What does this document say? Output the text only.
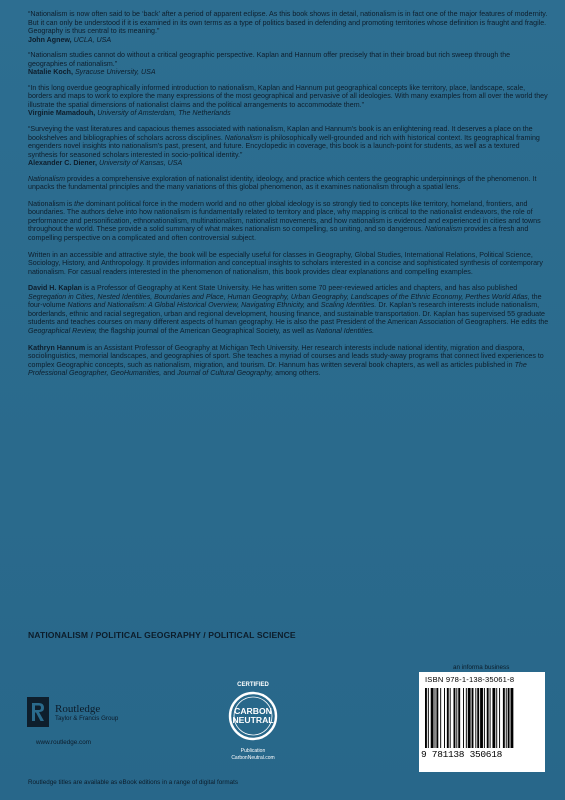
“Nationalism is now often said to be ‘back’ after a period of apparent eclipse. As this book shows in detail, nationalism is in fact one of the major features of modernity. But it can only be understood if it is examined in its own terms as a type of politics based in defending and promoting territories whose definition is fraught and fragile. Geography is thus central to its meaning.”
John Agnew, UCLA, USA
“Nationalism studies cannot do without a critical geographic perspective. Kaplan and Hannum offer precisely that in their broad but rich sweep through the geographies of nationalism.”
Natalie Koch, Syracuse University, USA
“In this long overdue geographically informed introduction to nationalism, Kaplan and Hannum put geographical concepts like territory, place, landscape, scale, borders and maps to work to explore the many expressions of the most geographical and pervasive of all ideologies. With many examples from all over the world they illustrate the spatial dimensions of nationalist claims and the political arrangements to accommodate them.”
Virginie Mamadouh, University of Amsterdam, The Netherlands
“Surveying the vast literatures and capacious themes associated with nationalism, Kaplan and Hannum’s book is an enlightening read. It deserves a place on the bookshelves and bibliographies of scholars across disciplines. Nationalism is philosophically well-grounded and rich with historical context. Its geographical framing engenders novel insights into nationalism’s past, present, and future. Encyclopedic in coverage, this book is a launch-point for students, as well as a textured synthesis for seasoned scholars interested in socio-political identity.”
Alexander C. Diener, University of Kansas, USA

Nationalism provides a comprehensive exploration of nationalist identity, ideology, and practice which centers the geographic underpinnings of the phenomenon. It unpacks the fundamental principles and the many variations of this global phenomenon, as it examines nationalism through a spatial lens.

Nationalism is the dominant political force in the modern world and no other global ideology is so strongly tied to concepts like territory, homeland, frontiers, and boundaries. The authors delve into how nationalism is fundamentally related to territory and place, why mapping is critical to the nationalist endeavors, the role of performance and personification, ethnonationalism, multinationalism, nationalist movements, and how nationalism is evidenced and experienced in cities and towns throughout the world. These provide a solid summary of what makes nationalism so compelling, so uniting, and so dangerous. Nationalism provides a fresh and compelling perspective on a complicated and often controversial subject.

Written in an accessible and attractive style, the book will be especially useful for classes in Geography, Global Studies, International Relations, Political Science, Sociology, History, and Anthropology. It provides information and conceptual insights to scholars interested in a concise and sophisticated synthesis of contemporary nationalism. For casual readers interested in the phenomenon of nationalism, this book provides clear explanations and compelling examples.

David H. Kaplan is a Professor of Geography at Kent State University. He has written some 70 peer-reviewed articles and chapters, and has also published Segregation in Cities, Nested Identities, Boundaries and Place, Human Geography, Urban Geography, Landscapes of the Ethnic Economy, Perthes World Atlas, the four-volume Nations and Nationalism: A Global Historical Overview, Navigating Ethnicity, and Scaling Identities. Dr. Kaplan’s research interests include nationalism, borderlands, ethnic and racial segregation, urban and regional development, housing finance, and sustainable transportation. Dr. Kaplan has supervised 55 graduate students and teaches courses on many different aspects of human geography. He is also the past President of the American Association of Geographers. He edits the Geographical Review, the flagship journal of the American Geographical Society, as well as National Identities.

Kathryn Hannum is an Assistant Professor of Geography at Michigan Tech University. Her research interests include national identity, migration and diaspora, sociolinguistics, memorial landscapes, and geographies of sport. She teaches a myriad of courses and leads study-away programs that connect lived experiences to complex Geographic concepts, such as nationalism, migration, and tourism. Dr. Hannum has written several book chapters, as well as articles published in The Professional Geographer, GeoHumanities, and Journal of Cultural Geography, among others.

NATIONALISM / POLITICAL GEOGRAPHY / POLITICAL SCIENCE
Routledge
Taylor & Francis Group
www.routledge.com
CERTIFIED
CARBON
NEUTRAL
Publication
CarbonNeutral.com
an informa business
ISBN 978-1-138-35061-8
9 781138 350618
Routledge titles are available as eBook editions in a range of digital formats
